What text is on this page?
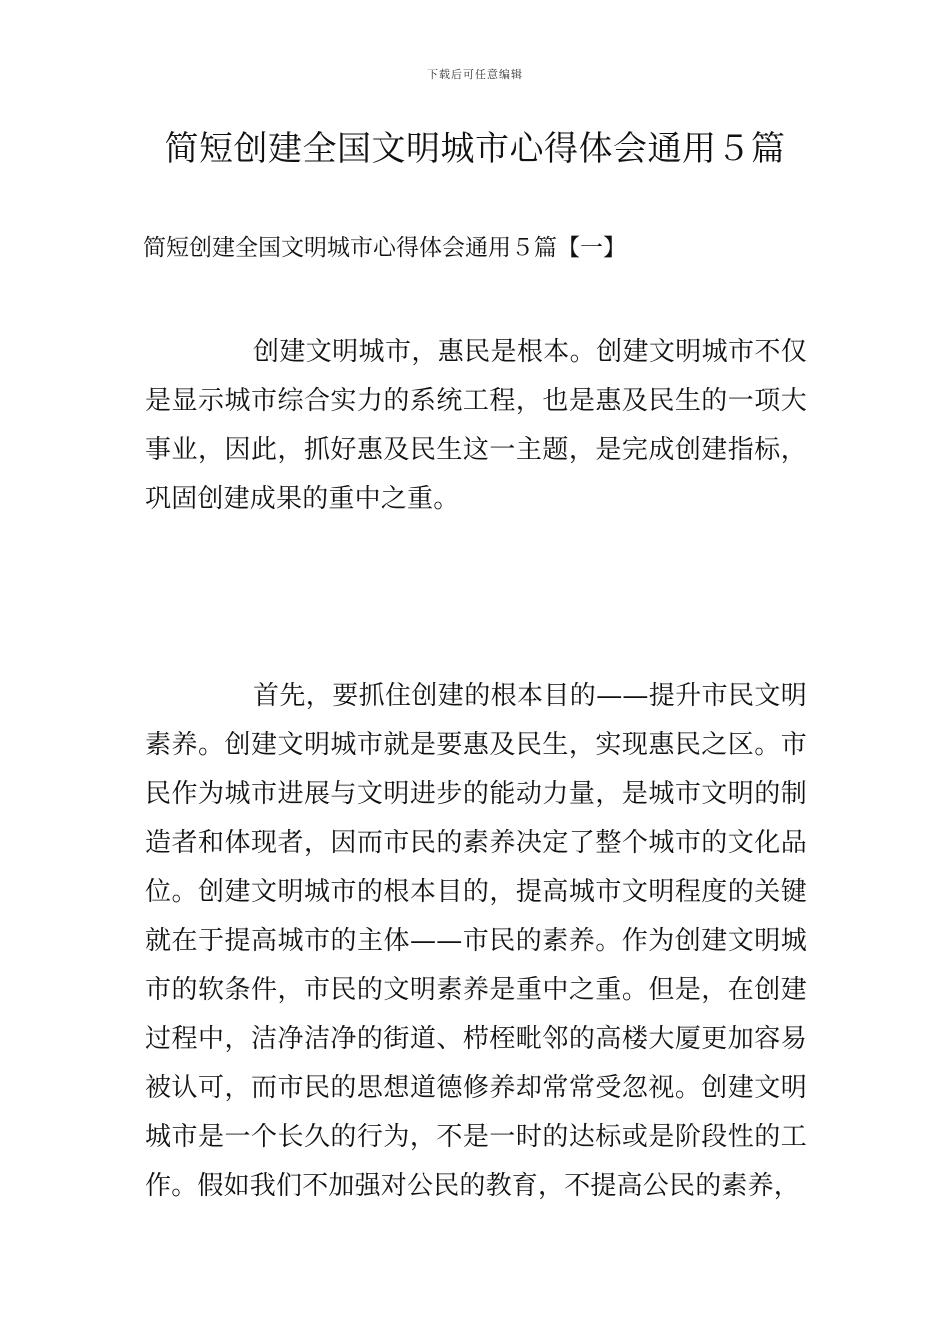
下载后可任意编辑
简短创建全国文明城市心得体会通用５篇
简短创建全国文明城市心得体会通用５篇【一】

创建文明城市，惠民是根本。创建文明城市不仅是显示城市综合实力的系统工程，也是惠及民生的一项大事业，因此，抓好惠及民生这一主题，是完成创建指标，巩固创建成果的重中之重。

首先，要抓住创建的根本目的——提升市民文明素养。创建文明城市就是要惠及民生，实现惠民之区。市民作为城市进展与文明进步的能动力量，是城市文明的制造者和体现者，因而市民的素养决定了整个城市的文化品位。创建文明城市的根本目的，提高城市文明程度的关键就在于提高城市的主体——市民的素养。作为创建文明城市的软条件，市民的文明素养是重中之重。但是，在创建过程中，洁净洁净的街道、栉桎毗邻的高楼大厦更加容易被认可，而市民的思想道德修养却常常受忽视。创建文明城市是一个长久的行为，不是一时的达标或是阶段性的工作。假如我们不加强对公民的教育，不提高公民的素养，
